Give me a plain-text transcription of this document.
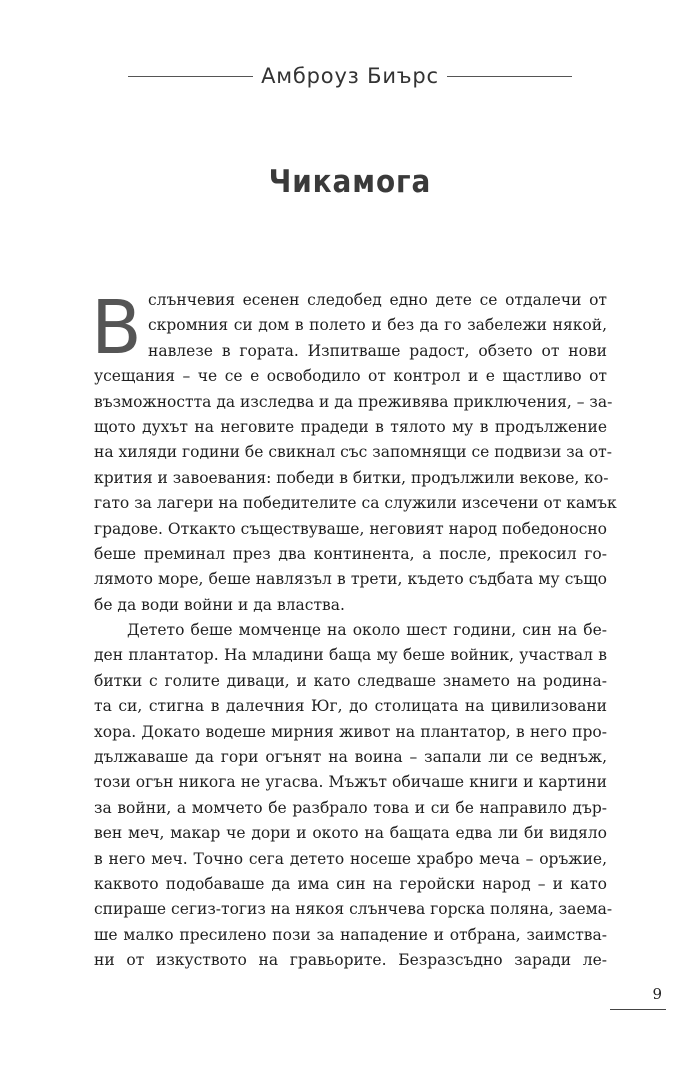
Амброуз Биърс
Чикамога
В слънчевия есенен следобед едно дете се отдалечи от
скромния си дом в полето и без да го забележи някой,
навлезе в гората. Изпитваше радост, обзето от нови
усещания – че се е освободило от контрол и е щастливо от
възможността да изследва и да преживява приключения, – за-
щото духът на неговите прадеди в тялото му в продължение
на хиляди години бе свикнал със запомнящи се подвизи за от-
крития и завоевания: победи в битки, продължили векове, ко-
гато за лагери на победителите са служили изсечени от камък
градове. Откакто съществуваше, неговият народ победоносно
беше преминал през два континента, а после, прекосил го-
лямото море, беше навлязъл в трети, където съдбата му също
бе да води войни и да властва.
Детето беше момченце на около шест години, син на бе-
ден плантатор. На младини баща му беше войник, участвал в
битки с голите диваци, и като следваше знамето на родина-
та си, стигна в далечния Юг, до столицата на цивилизовани
хора. Докато водеше мирния живот на плантатор, в него про-
дължаваше да гори огънят на воина – запали ли се веднъж,
този огън никога не угасва. Мъжът обичаше книги и картини
за войни, а момчето бе разбрало това и си бе направило дър-
вен меч, макар че дори и окото на бащата едва ли би видяло
в него меч. Точно сега детето носеше храбро меча – оръжие,
каквото подобаваше да има син на геройски народ – и като
спираше сегиз-тогиз на някоя слънчева горска поляна, заема-
ше малко пресилено пози за нападение и отбрана, заимства-
ни от изкуството на гравьорите. Безразсъдно заради ле-
9
